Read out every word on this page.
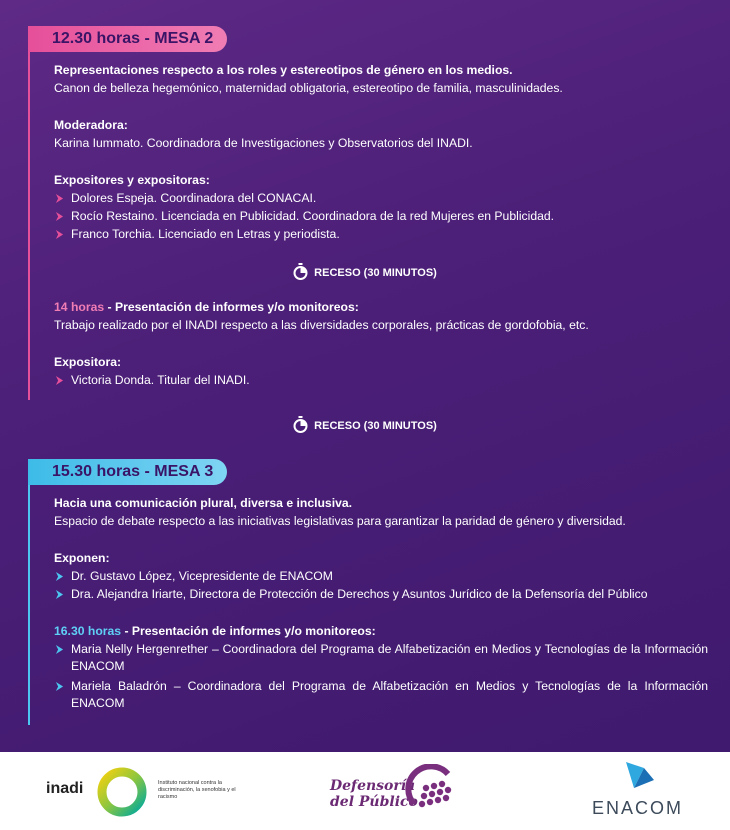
12.30 horas - MESA 2
Representaciones respecto a los roles y estereotipos de género en los medios.
Canon de belleza hegemónico, maternidad obligatoria, estereotipo de familia, masculinidades.
Moderadora:
Karina Iummato. Coordinadora de Investigaciones y Observatorios del INADI.
Expositores y expositoras:
Dolores Espeja. Coordinadora del CONACAI.
Rocío Restaino. Licenciada en Publicidad. Coordinadora de la red Mujeres en Publicidad.
Franco Torchia. Licenciado en Letras y periodista.
14 horas - Presentación de informes y/o monitoreos:
Trabajo realizado por el INADI respecto a las diversidades corporales, prácticas de gordofobia, etc.
Expositora:
Victoria Donda. Titular del INADI.
RECESO (30 MINUTOS)
RECESO (30 MINUTOS)
15.30 horas - MESA 3
Hacia una comunicación plural, diversa e inclusiva.
Espacio de debate respecto a las iniciativas legislativas para garantizar la paridad de género y diversidad.
Exponen:
Dr. Gustavo López, Vicepresidente de ENACOM
Dra. Alejandra Iriarte, Directora de Protección de Derechos y Asuntos Jurídico de la Defensoría del Público
16.30 horas - Presentación de informes y/o monitoreos:
Maria Nelly Hergenrether – Coordinadora del Programa de Alfabetización en Medios y Tecnologías de la Información ENACOM
Mariela Baladrón – Coordinadora del Programa de Alfabetización en Medios y Tecnologías de la Información ENACOM
inadi	Instituto nacional contra la discriminación, la xenofobia y el racismo
Defensoría
del Público	ENACOM
